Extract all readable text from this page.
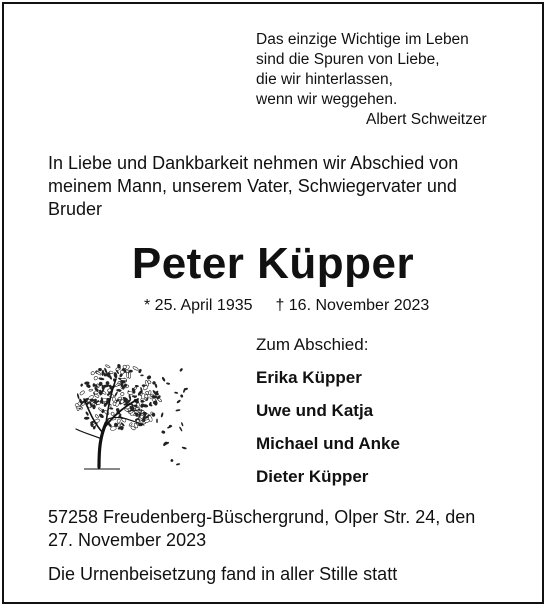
Das einzige Wichtige im Leben
sind die Spuren von Liebe,
die wir hinterlassen,
wenn wir weggehen.
Albert Schweitzer
In Liebe und Dankbarkeit nehmen wir Abschied von
meinem Mann, unserem Vater, Schwiegervater und
Bruder
Peter Küpper
* 25. April 1935 † 16. November 2023
Zum Abschied:
Erika Küpper
Uwe und Katja
Michael und Anke
Dieter Küpper
57258 Freudenberg-Büschergrund, Olper Str. 24, den
27. November 2023
Die Urnenbeisetzung fand in aller Stille statt
